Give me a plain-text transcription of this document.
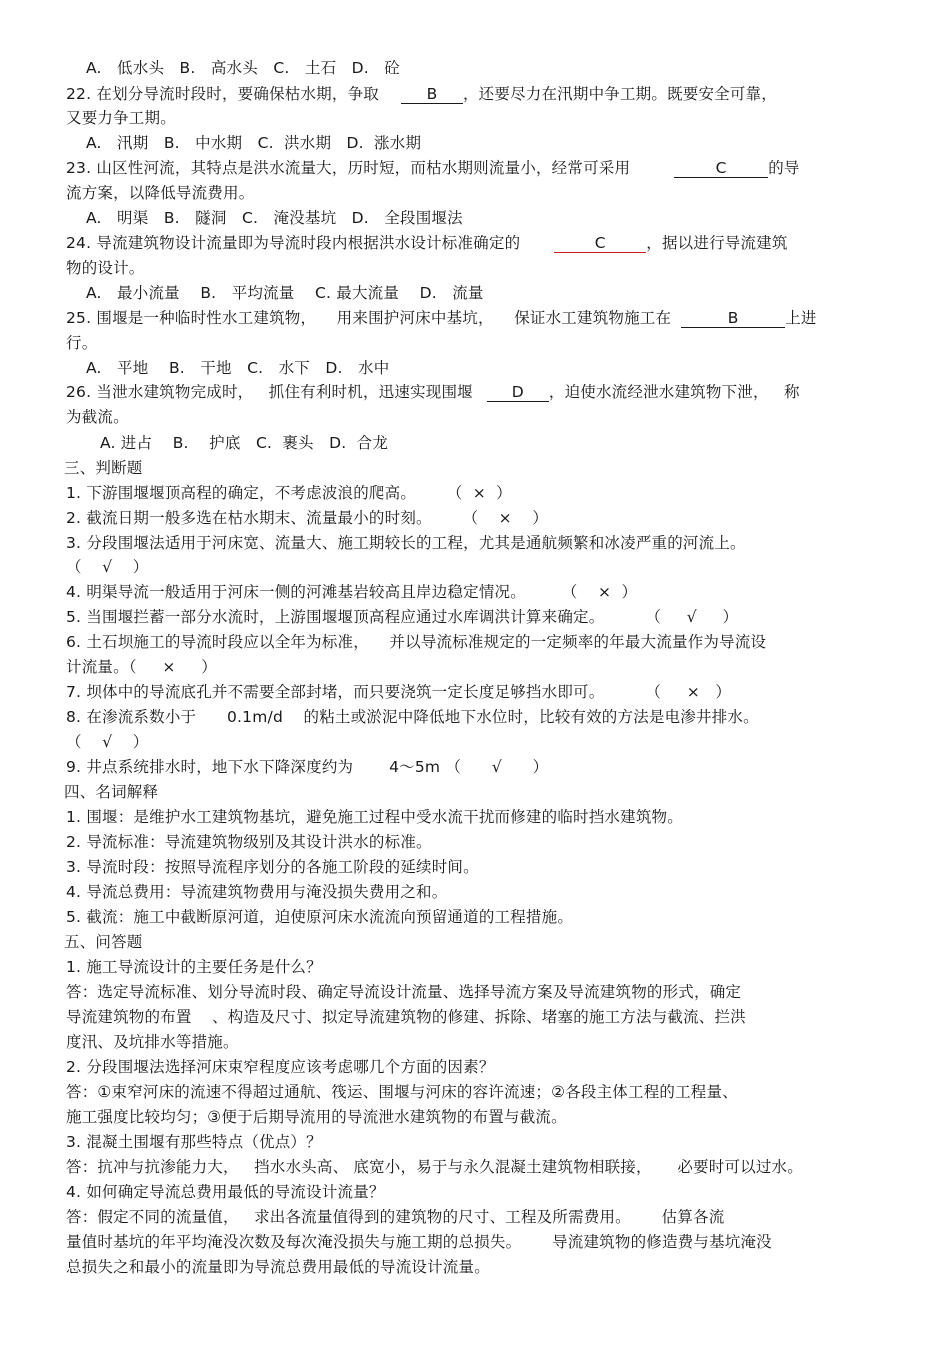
A.   低水头   B.   高水头   C.   土石   D.   砼
22. 在划分导流时段时，要确保枯水期，争取	B ，还要尽力在汛期中争工期。既要安全可靠，
又要力争工期。
A.   汛期   B.   中水期   C.  洪水期   D.  涨水期
23. 山区性河流，其特点是洪水流量大，历时短，而枯水期则流量小，经常可采用	C	的导
流方案，以降低导流费用。
A.   明渠   B.   隧洞   C.   淹没基坑   D.   全段围堰法
24. 导流建筑物设计流量即为导流时段内根据洪水设计标准确定的	C	，据以进行导流建筑
物的设计。
A.   最小流量    B.   平均流量    C. 最大流量    D.   流量
25. 围堰是一种临时性水工建筑物，    用来围护河床中基坑，    保证水工建筑物施工在	B	上进
行。
A.   平地    B.   干地   C.   水下   D.   水中
26. 当泄水建筑物完成时，   抓住有利时机，迅速实现围堰	D ，迫使水流经泄水建筑物下泄，   称
为截流。
A. 进占    B.    护底   C.  裹头   D.  合龙
三、判断题
1. 下游围堰堰顶高程的确定，不考虑波浪的爬高。      （  ×  ）
2. 截流日期一般多选在枯水期末、流量最小的时刻。      （    ×    ）
3. 分段围堰法适用于河床宽、流量大、施工期较长的工程，尤其是通航频繁和冰凌严重的河流上。
（    √    ）
4. 明渠导流一般适用于河床一侧的河滩基岩较高且岸边稳定情况。       （    ×  ）
5. 当围堰拦蓄一部分水流时，上游围堰堰顶高程应通过水库调洪计算来确定。        （     √     ）
6. 土石坝施工的导流时段应以全年为标准，    并以导流标准规定的一定频率的年最大流量作为导流设
计流量。（     ×     ）
7. 坝体中的导流底孔并不需要全部封堵，而只要浇筑一定长度足够挡水即可。        （     ×   ）
8. 在渗流系数小于      0.1m/d    的粘土或淤泥中降低地下水位时，比较有效的方法是电渗井排水。
（    √    ）
9. 井点系统排水时，地下水下降深度约为       4～5m （      √      ）
四、名词解释
1. 围堰：是维护水工建筑物基坑，避免施工过程中受水流干扰而修建的临时挡水建筑物。
2. 导流标准：导流建筑物级别及其设计洪水的标准。
3. 导流时段：按照导流程序划分的各施工阶段的延续时间。
4. 导流总费用：导流建筑物费用与淹没损失费用之和。
5. 截流：施工中截断原河道，迫使原河床水流流向预留通道的工程措施。
五、问答题
1. 施工导流设计的主要任务是什么？
答：选定导流标准、划分导流时段、确定导流设计流量、选择导流方案及导流建筑物的形式，确定
导流建筑物的布置    、构造及尺寸、拟定导流建筑物的修建、拆除、堵塞的施工方法与截流、拦洪
度汛、及坑排水等措施。
2. 分段围堰法选择河床束窄程度应该考虑哪几个方面的因素？
答：①束窄河床的流速不得超过通航、筏运、围堰与河床的容许流速；②各段主体工程的工程量、
施工强度比较均匀；③便于后期导流用的导流泄水建筑物的布置与截流。
3. 混凝土围堰有那些特点（优点）？
答：抗冲与抗渗能力大，   挡水水头高、 底宽小，易于与永久混凝土建筑物相联接，     必要时可以过水。
4. 如何确定导流总费用最低的导流设计流量？
答：假定不同的流量值，   求出各流量值得到的建筑物的尺寸、工程及所需费用。      估算各流
量值时基坑的年平均淹没次数及每次淹没损失与施工期的总损失。      导流建筑物的修造费与基坑淹没
总损失之和最小的流量即为导流总费用最低的导流设计流量。
